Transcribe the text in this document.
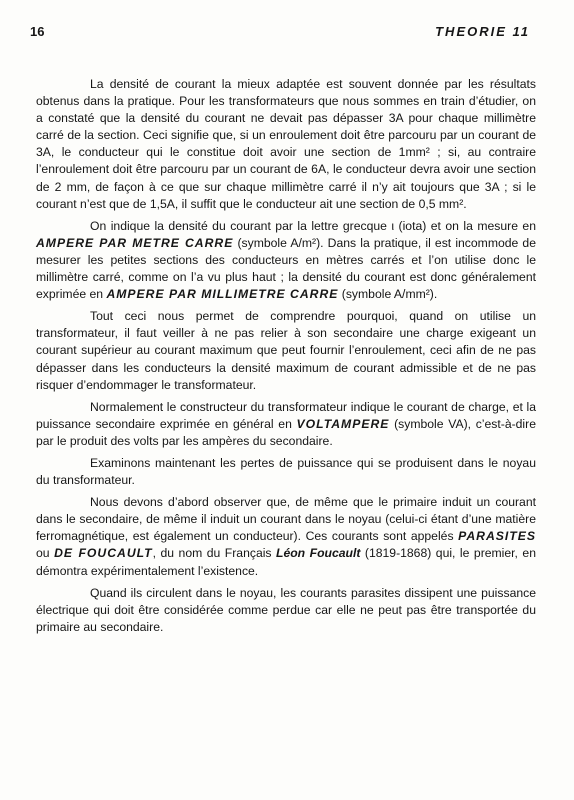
16	THEORIE 11

La densité de courant la mieux adaptée est souvent donnée par les résultats obtenus dans la pratique. Pour les transformateurs que nous sommes en train d’étudier, on a constaté que la densité du courant ne devait pas dépasser 3A pour chaque millimètre carré de la section. Ceci signifie que, si un enroulement doit être parcouru par un courant de 3A, le conducteur qui le constitue doit avoir une section de 1mm² ; si, au contraire l’enroulement doit être parcouru par un courant de 6A, le conducteur devra avoir une section de 2 mm, de façon à ce que sur chaque millimètre carré il n’y ait toujours que 3A ; si le courant n’est que de 1,5A, il suffit que le conducteur ait une section de 0,5 mm².

On indique la densité du courant par la lettre grecque ι (iota) et on la mesure en AMPERE PAR METRE CARRE (symbole A/m²). Dans la pratique, il est incommode de mesurer les petites sections des conducteurs en mètres carrés et l’on utilise donc le millimètre carré, comme on l’a vu plus haut ; la densité du courant est donc généralement exprimée en AMPERE PAR MILLIMETRE CARRE (symbole A/mm²).

Tout ceci nous permet de comprendre pourquoi, quand on utilise un transformateur, il faut veiller à ne pas relier à son secondaire une charge exigeant un courant supérieur au courant maximum que peut fournir l’enroulement, ceci afin de ne pas dépasser dans les conducteurs la densité maximum de courant admissible et de ne pas risquer d’endommager le transformateur.

Normalement le constructeur du transformateur indique le courant de charge, et la puissance secondaire exprimée en général en VOLTAMPERE (symbole VA), c’est-à-dire par le produit des volts par les ampères du secondaire.

Examinons maintenant les pertes de puissance qui se produisent dans le noyau du transformateur.

Nous devons d’abord observer que, de même que le primaire induit un courant dans le secondaire, de même il induit un courant dans le noyau (celui-ci étant d’une matière ferromagnétique, est également un conducteur). Ces courants sont appelés PARASITES ou DE FOUCAULT, du nom du Français Léon Foucault (1819-1868) qui, le premier, en démontra expérimentalement l’existence.

Quand ils circulent dans le noyau, les courants parasites dissipent une puissance électrique qui doit être considérée comme perdue car elle ne peut pas être transportée du primaire au secondaire.
